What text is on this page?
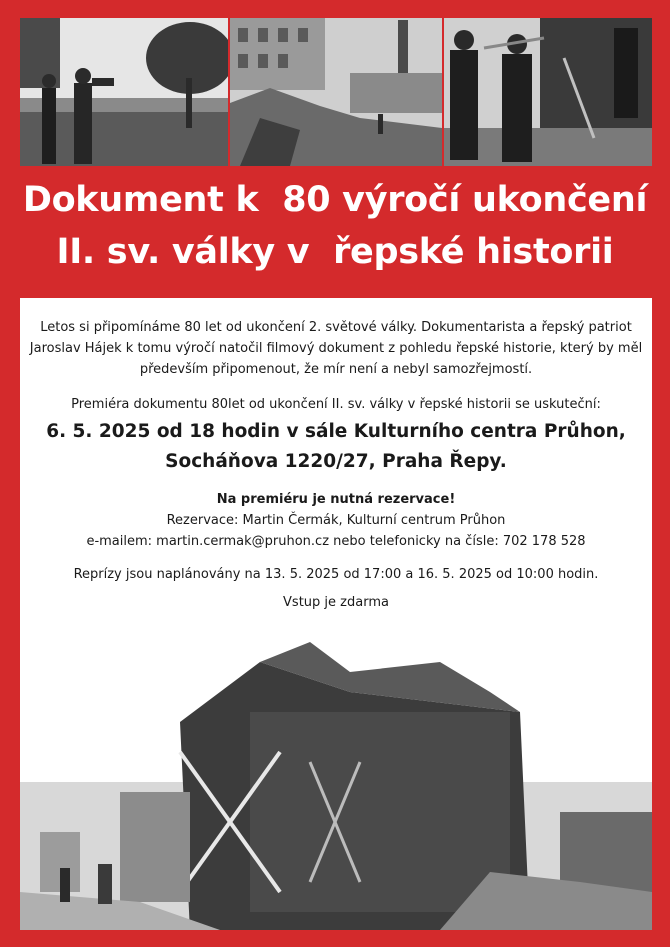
Dokument k  80 výročí ukončení
II. sv. války v  řepské historii
Letos si připomínáme 80 let od ukončení 2. světové války. Dokumentarista a řepský patriot
Jaroslav Hájek k tomu výročí natočil filmový dokument z pohledu řepské historie, který by měl
především připomenout, že mír není a nebyl samozřejmostí.
Premiéra dokumentu 80let od ukončení II. sv. války v řepské historii se uskuteční:
6. 5. 2025 od 18 hodin v sále Kulturního centra Průhon,
Socháňova 1220/27, Praha Řepy.
Na premiéru je nutná rezervace!
Rezervace: Martin Čermák, Kulturní centrum Průhon
e-mailem: martin.cermak@pruhon.cz nebo telefonicky na čísle: 702 178 528
Reprízy jsou naplánovány na 13. 5. 2025 od 17:00 a 16. 5. 2025 od 10:00 hodin.
Vstup je zdarma
